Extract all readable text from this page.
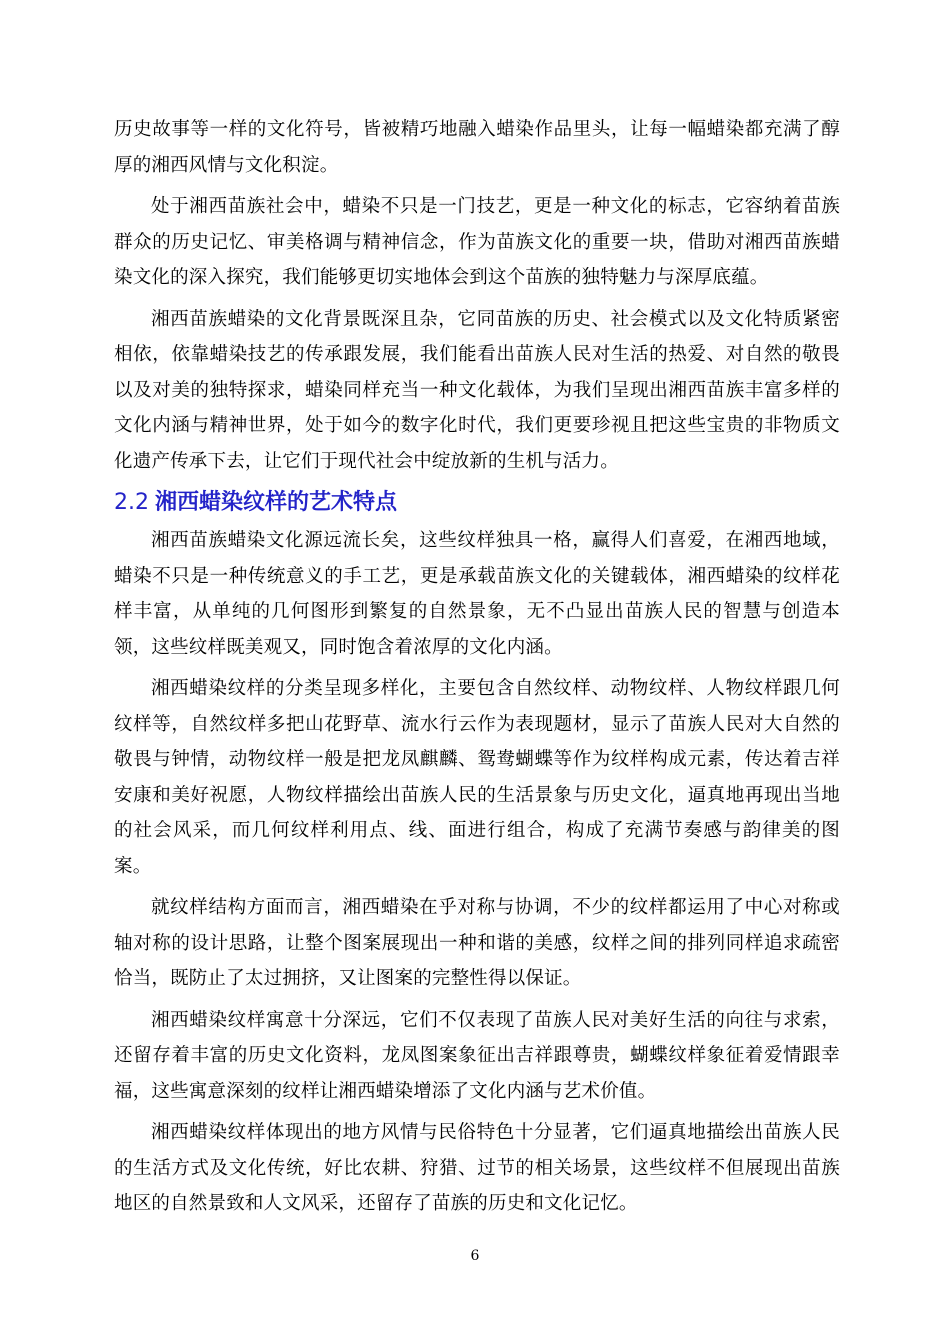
历史故事等一样的文化符号，皆被精巧地融入蜡染作品里头，让每一幅蜡染都充满了醇厚的湘西风情与文化积淀。

处于湘西苗族社会中，蜡染不只是一门技艺，更是一种文化的标志，它容纳着苗族群众的历史记忆、审美格调与精神信念，作为苗族文化的重要一块，借助对湘西苗族蜡染文化的深入探究，我们能够更切实地体会到这个苗族的独特魅力与深厚底蕴。

湘西苗族蜡染的文化背景既深且杂，它同苗族的历史、社会模式以及文化特质紧密相依，依靠蜡染技艺的传承跟发展，我们能看出苗族人民对生活的热爱、对自然的敬畏以及对美的独特探求，蜡染同样充当一种文化载体，为我们呈现出湘西苗族丰富多样的文化内涵与精神世界，处于如今的数字化时代，我们更要珍视且把这些宝贵的非物质文化遗产传承下去，让它们于现代社会中绽放新的生机与活力。

2.2 湘西蜡染纹样的艺术特点

湘西苗族蜡染文化源远流长矣，这些纹样独具一格，赢得人们喜爱，在湘西地域，蜡染不只是一种传统意义的手工艺，更是承载苗族文化的关键载体，湘西蜡染的纹样花样丰富，从单纯的几何图形到繁复的自然景象，无不凸显出苗族人民的智慧与创造本领，这些纹样既美观又，同时饱含着浓厚的文化内涵。

湘西蜡染纹样的分类呈现多样化，主要包含自然纹样、动物纹样、人物纹样跟几何纹样等，自然纹样多把山花野草、流水行云作为表现题材，显示了苗族人民对大自然的敬畏与钟情，动物纹样一般是把龙凤麒麟、鸳鸯蝴蝶等作为纹样构成元素，传达着吉祥安康和美好祝愿，人物纹样描绘出苗族人民的生活景象与历史文化，逼真地再现出当地的社会风采，而几何纹样利用点、线、面进行组合，构成了充满节奏感与韵律美的图案。

就纹样结构方面而言，湘西蜡染在乎对称与协调，不少的纹样都运用了中心对称或轴对称的设计思路，让整个图案展现出一种和谐的美感，纹样之间的排列同样追求疏密恰当，既防止了太过拥挤，又让图案的完整性得以保证。

湘西蜡染纹样寓意十分深远，它们不仅表现了苗族人民对美好生活的向往与求索，还留存着丰富的历史文化资料，龙凤图案象征出吉祥跟尊贵，蝴蝶纹样象征着爱情跟幸福，这些寓意深刻的纹样让湘西蜡染增添了文化内涵与艺术价值。

湘西蜡染纹样体现出的地方风情与民俗特色十分显著，它们逼真地描绘出苗族人民的生活方式及文化传统，好比农耕、狩猎、过节的相关场景，这些纹样不但展现出苗族地区的自然景致和人文风采，还留存了苗族的历史和文化记忆。

6
